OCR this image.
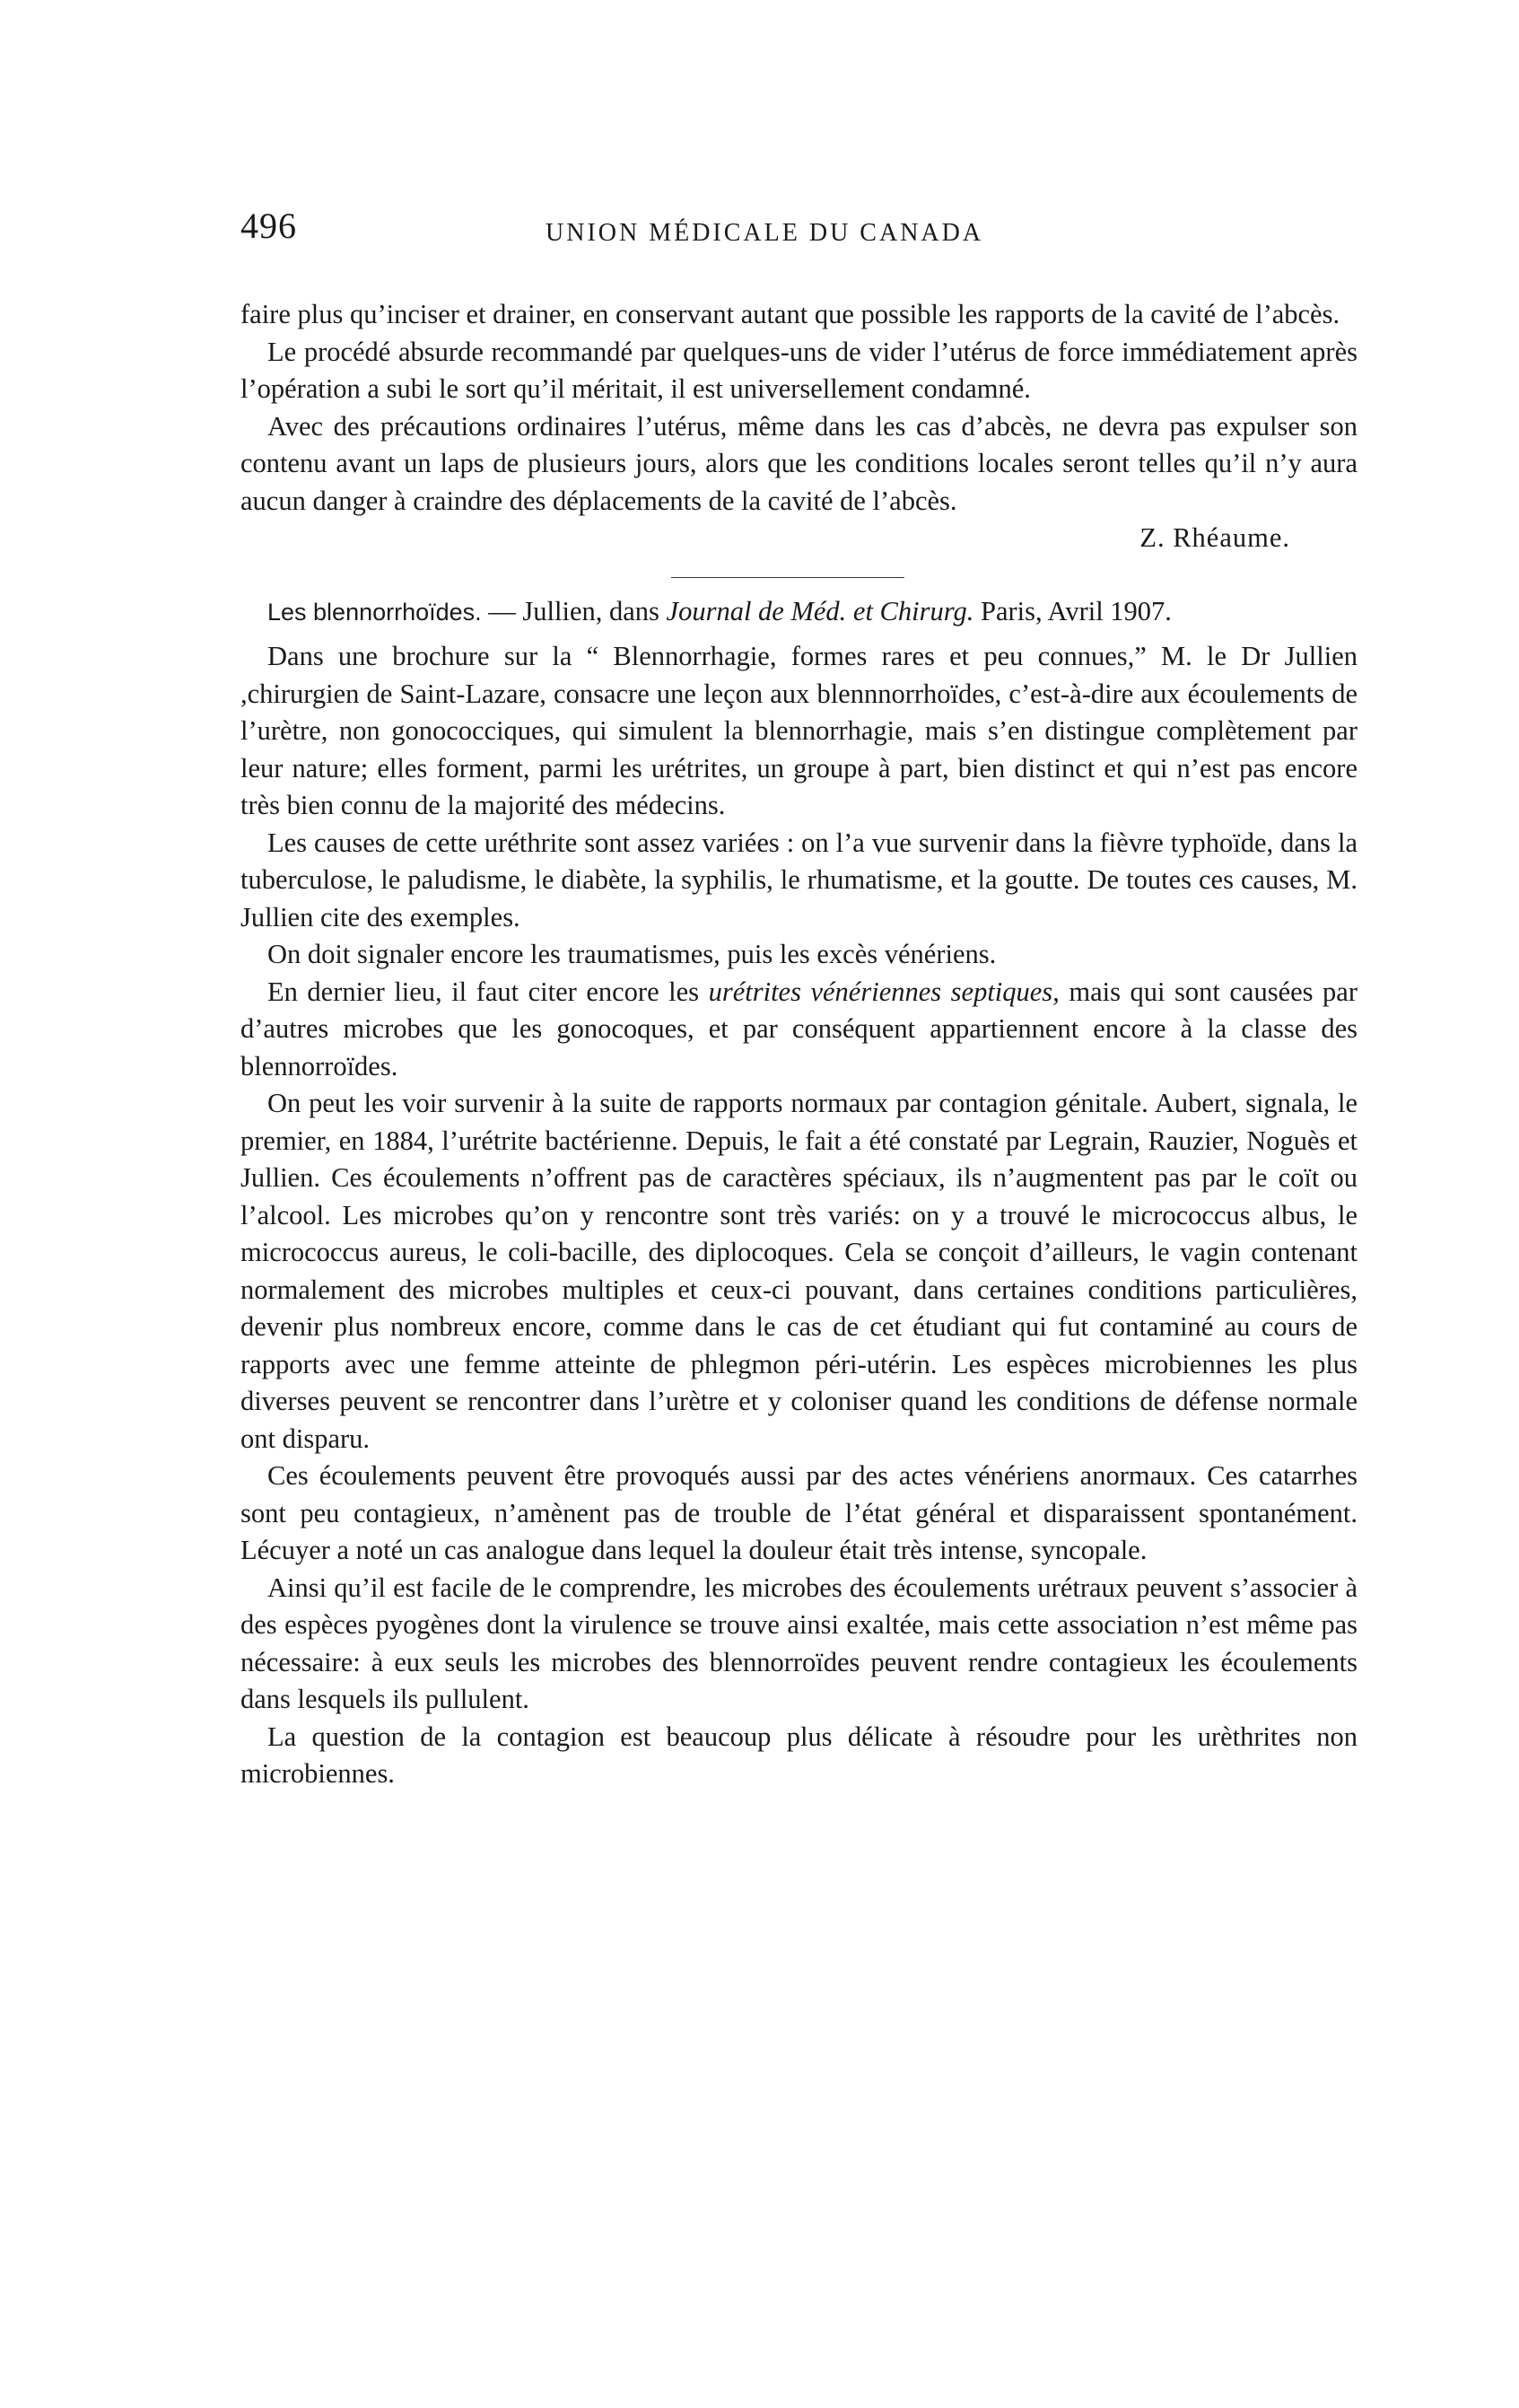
496	UNION MÉDICALE DU CANADA

faire plus qu’inciser et drainer, en conservant autant que possible les rapports de la cavité de l’abcès.

Le procédé absurde recommandé par quelques-uns de vider l’utérus de force immédiatement après l’opération a subi le sort qu’il méritait, il est universellement condamné.

Avec des précautions ordinaires l’utérus, même dans les cas d’abcès, ne devra pas expulser son contenu avant un laps de plusieurs jours, alors que les conditions locales seront telles qu’il n’y aura aucun danger à craindre des déplacements de la cavité de l’abcès.

Z. Rhéaume.

Les blennorrhoïdes. — Jullien, dans Journal de Méd. et Chirurg. Paris, Avril 1907.

Dans une brochure sur la “ Blennorrhagie, formes rares et peu connues,” M. le Dr Jullien ,chirurgien de Saint-Lazare, consacre une leçon aux blennnorrhoïdes, c’est-à-dire aux écoulements de l’urètre, non gonococciques, qui simulent la blennorrhagie, mais s’en distingue complètement par leur nature; elles forment, parmi les urétrites, un groupe à part, bien distinct et qui n’est pas encore très bien connu de la majorité des médecins.

Les causes de cette uréthrite sont assez variées : on l’a vue survenir dans la fièvre typhoïde, dans la tuberculose, le paludisme, le diabète, la syphilis, le rhumatisme, et la goutte. De toutes ces causes, M. Jullien cite des exemples.

On doit signaler encore les traumatismes, puis les excès vénériens.

En dernier lieu, il faut citer encore les urétrites vénériennes septiques, mais qui sont causées par d’autres microbes que les gonocoques, et par conséquent appartiennent encore à la classe des blennorroïdes.

On peut les voir survenir à la suite de rapports normaux par contagion génitale. Aubert, signala, le premier, en 1884, l’urétrite bactérienne. Depuis, le fait a été constaté par Legrain, Rauzier, Noguès et Jullien. Ces écoulements n’offrent pas de caractères spéciaux, ils n’augmentent pas par le coït ou l’alcool. Les microbes qu’on y rencontre sont très variés: on y a trouvé le micrococcus albus, le micrococcus aureus, le coli-bacille, des diplocoques. Cela se conçoit d’ailleurs, le vagin contenant normalement des microbes multiples et ceux-ci pouvant, dans certaines conditions particulières, devenir plus nombreux encore, comme dans le cas de cet étudiant qui fut contaminé au cours de rapports avec une femme atteinte de phlegmon péri-utérin. Les espèces microbiennes les plus diverses peuvent se rencontrer dans l’urètre et y coloniser quand les conditions de défense normale ont disparu.

Ces écoulements peuvent être provoqués aussi par des actes vénériens anormaux. Ces catarrhes sont peu contagieux, n’amènent pas de trouble de l’état général et disparaissent spontanément. Lécuyer a noté un cas analogue dans lequel la douleur était très intense, syncopale.

Ainsi qu’il est facile de le comprendre, les microbes des écoulements urétraux peuvent s’associer à des espèces pyogènes dont la virulence se trouve ainsi exaltée, mais cette association n’est même pas nécessaire: à eux seuls les microbes des blennorroïdes peuvent rendre contagieux les écoulements dans lesquels ils pullulent.

La question de la contagion est beaucoup plus délicate à résoudre pour les urèthrites non microbiennes.
